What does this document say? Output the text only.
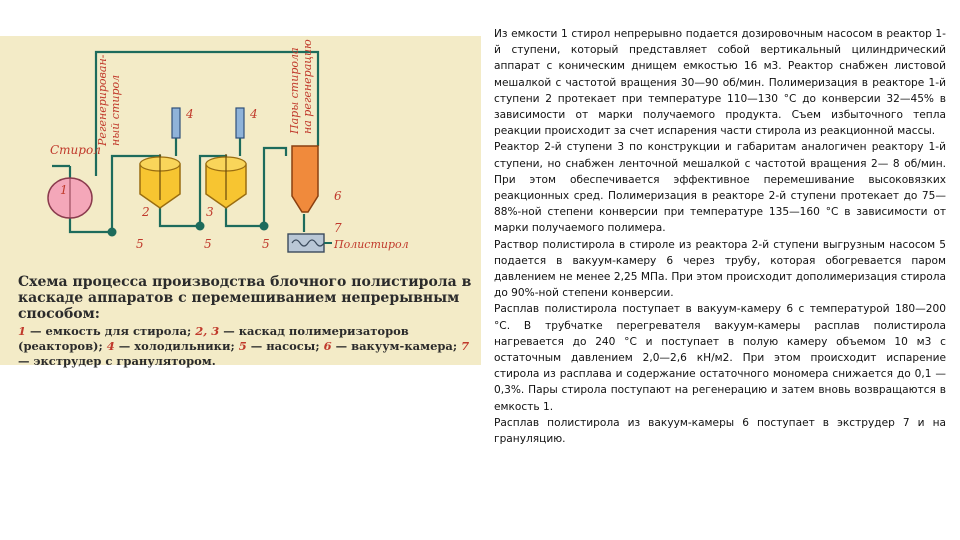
Стирол
1
2	3
4	4
5	5	5
6
7
Полистирол
Регенерирован- ный стирол	Пары стирола на регенерацию

Схема процесса производства блочного полистирола в каскаде аппаратов с перемешиванием непрерывным способом:

1 — емкость для стирола; 2, 3 — каскад полимеризаторов (реакторов); 4 — холодильники; 5 — насосы; 6 — вакуум-камера; 7 — экструдер с гранулятором.

Из емкости 1 стирол непрерывно подается дозировочным насосом в реактор 1-й ступени, который представляет собой вертикальный цилиндрический аппарат с коническим днищем емкостью 16 м3. Реактор снабжен листовой мешалкой с частотой вращения 30—90 об/мин. Полимеризация в реакторе 1-й ступени 2 протекает при температуре 110—130 °С до конверсии 32—45% в зависимости от марки получаемого продукта. Съем избыточного тепла реакции происходит за счет испарения части стирола из реакционной массы.

Реактор 2-й ступени 3 по конструкции и габаритам аналогичен реактору 1-й ступени, но снабжен ленточной мешалкой с частотой вращения 2— 8 об/мин. При этом обеспечивается эффективное перемешивание высоковязких реакционных сред. Полимеризация в реакторе 2-й ступени протекает до 75— 88%-ной степени конверсии при температуре 135—160 °С в зависимости от марки получаемого полимера.

Раствор полистирола в стироле из реактора 2-й ступени выгрузным насосом 5 подается в вакуум-камеру 6 через трубу, которая обогревается паром давлением не менее 2,25 МПа. При этом происходит дополимеризация стирола до 90%-ной степени конверсии.

Расплав полистирола поступает в вакуум-камеру 6 с температурой 180—200 °С. В трубчатке перегревателя вакуум-камеры расплав полистирола нагревается до 240 °С и поступает в полую камеру объемом 10 м3 с остаточным давлением 2,0—2,6 кН/м2. При этом происходит испарение стирола из расплава и содержание остаточного мономера снижается до 0,1 —0,3%. Пары стирола поступают на регенерацию и затем вновь возвращаются в емкость 1.

Расплав полистирола из вакуум-камеры 6 поступает в экструдер 7 и на грануляцию.
